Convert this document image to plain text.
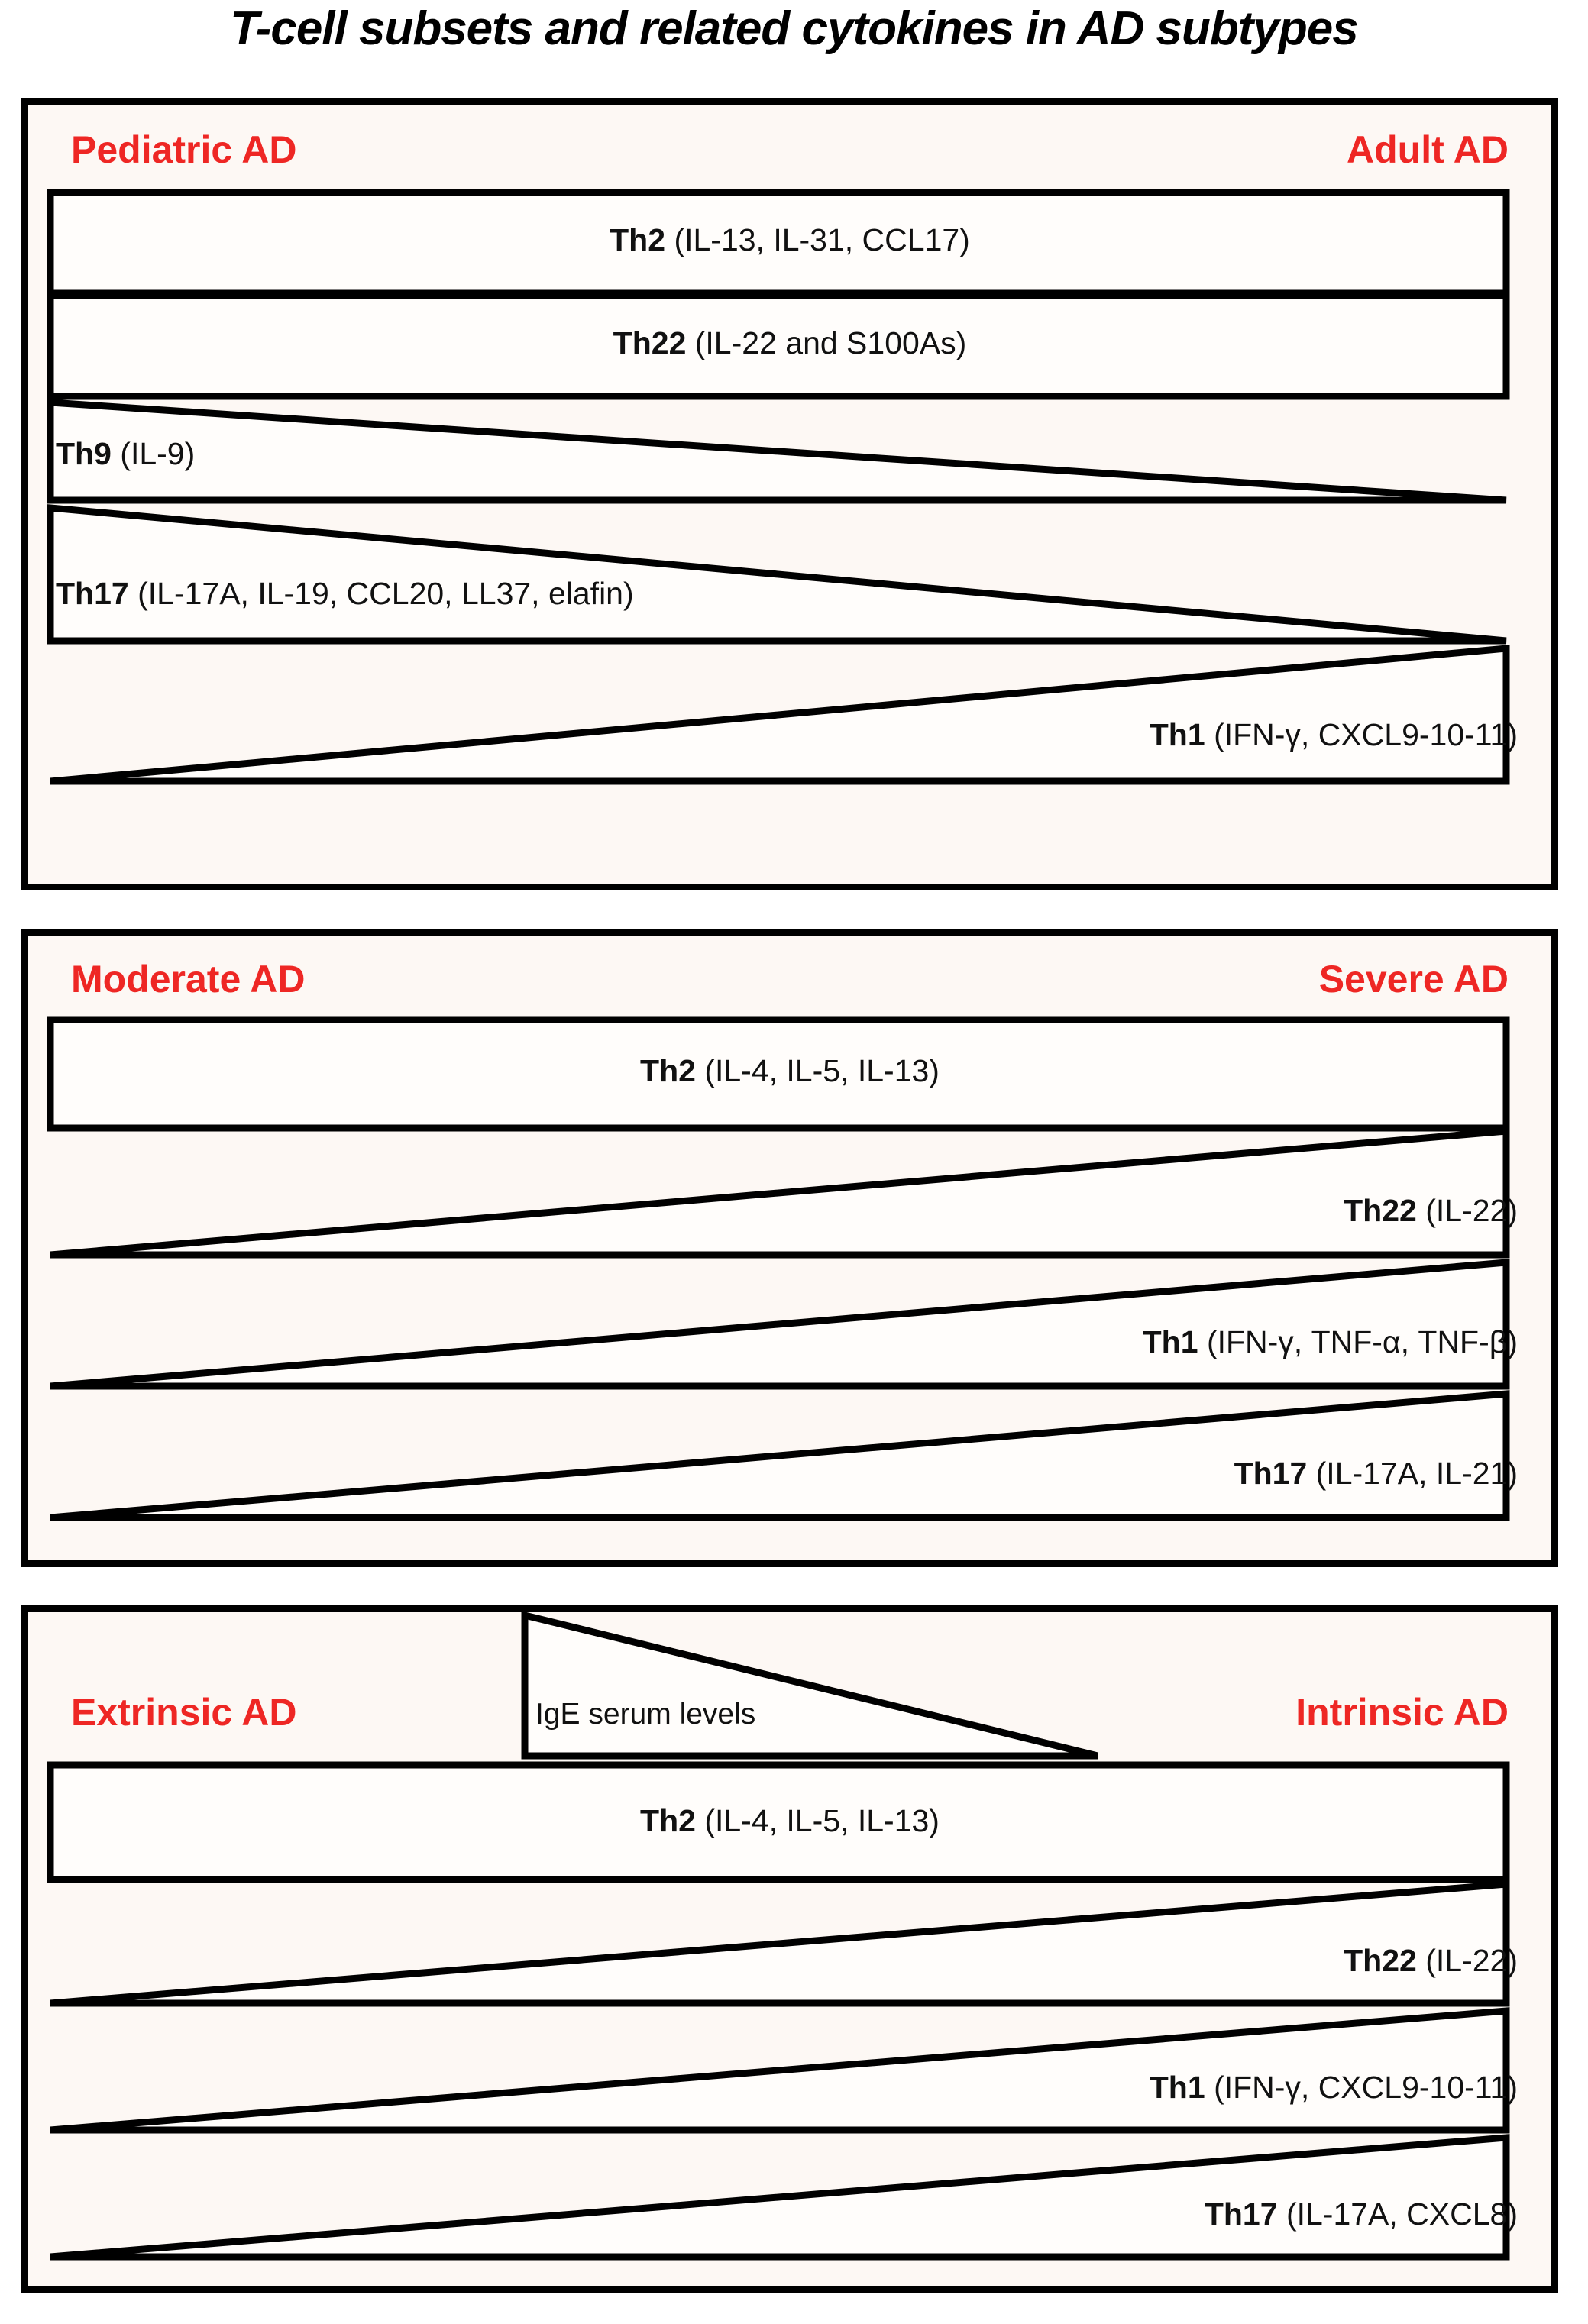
T-cell subsets and related cytokines in AD subtypes
Pediatric AD	Adult AD
Th2 (IL-13, IL-31, CCL17)
Th22 (IL-22 and S100As)
Th9 (IL-9)
Th17 (IL-17A, IL-19, CCL20, LL37, elafin)
Th1 (IFN-γ, CXCL9-10-11)
Moderate AD	Severe AD
Th2 (IL-4, IL-5, IL-13)
Th22 (IL-22)
Th1 (IFN-γ, TNF-α, TNF-β)
Th17 (IL-17A, IL-21)
Extrinsic AD	Intrinsic AD
IgE serum levels
Th2 (IL-4, IL-5, IL-13)
Th22 (IL-22)
Th1 (IFN-γ, CXCL9-10-11)
Th17 (IL-17A, CXCL8)
